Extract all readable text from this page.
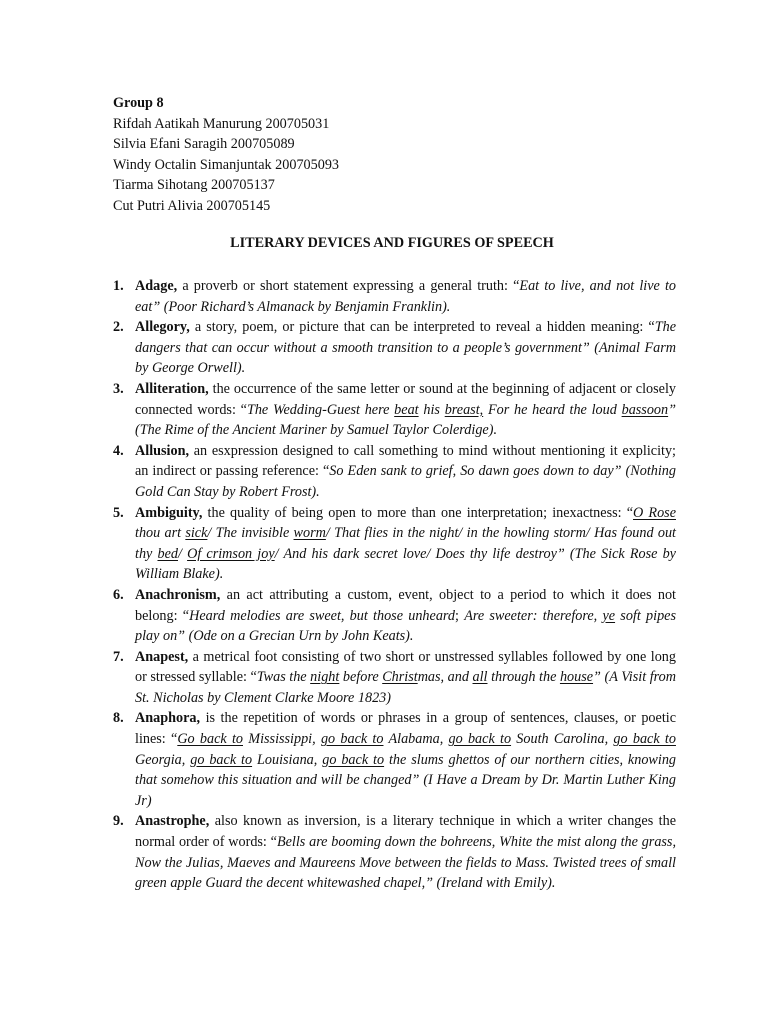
Group 8
Rifdah Aatikah Manurung 200705031
Silvia Efani Saragih 200705089
Windy Octalin Simanjuntak 200705093
Tiarma Sihotang 200705137
Cut Putri Alivia 200705145
LITERARY DEVICES AND FIGURES OF SPEECH
1. Adage, a proverb or short statement expressing a general truth: “Eat to live, and not live to eat” (Poor Richard’s Almanack by Benjamin Franklin).
2. Allegory, a story, poem, or picture that can be interpreted to reveal a hidden meaning: “The dangers that can occur without a smooth transition to a people’s government” (Animal Farm by George Orwell).
3. Alliteration, the occurrence of the same letter or sound at the beginning of adjacent or closely connected words: “The Wedding-Guest here beat his breast, For he heard the loud bassoon” (The Rime of the Ancient Mariner by Samuel Taylor Colerdige).
4. Allusion, an esxpression designed to call something to mind without mentioning it explicity; an indirect or passing reference: “So Eden sank to grief, So dawn goes down to day” (Nothing Gold Can Stay by Robert Frost).
5. Ambiguity, the quality of being open to more than one interpretation; inexactness: “O Rose thou art sick/ The invisible worm/ That flies in the night/ in the howling storm/ Has found out thy bed/ Of crimson joy/ And his dark secret love/ Does thy life destroy” (The Sick Rose by William Blake).
6. Anachronism, an act attributing a custom, event, object to a period to which it does not belong: “Heard melodies are sweet, but those unheard; Are sweeter: therefore, ye soft pipes play on” (Ode on a Grecian Urn by John Keats).
7. Anapest, a metrical foot consisting of two short or unstressed syllables followed by one long or stressed syllable: “Twas the night before Christmas, and all through the house” (A Visit from St. Nicholas by Clement Clarke Moore 1823)
8. Anaphora, is the repetition of words or phrases in a group of sentences, clauses, or poetic lines: “Go back to Mississippi, go back to Alabama, go back to South Carolina, go back to Georgia, go back to Louisiana, go back to the slums ghettos of our northern cities, knowing that somehow this situation and will be changed” (I Have a Dream by Dr. Martin Luther King Jr)
9. Anastrophe, also known as inversion, is a literary technique in which a writer changes the normal order of words: “Bells are booming down the bohreens, White the mist along the grass, Now the Julias, Maeves and Maureens Move between the fields to Mass. Twisted trees of small green apple Guard the decent whitewashed chapel,” (Ireland with Emily).
